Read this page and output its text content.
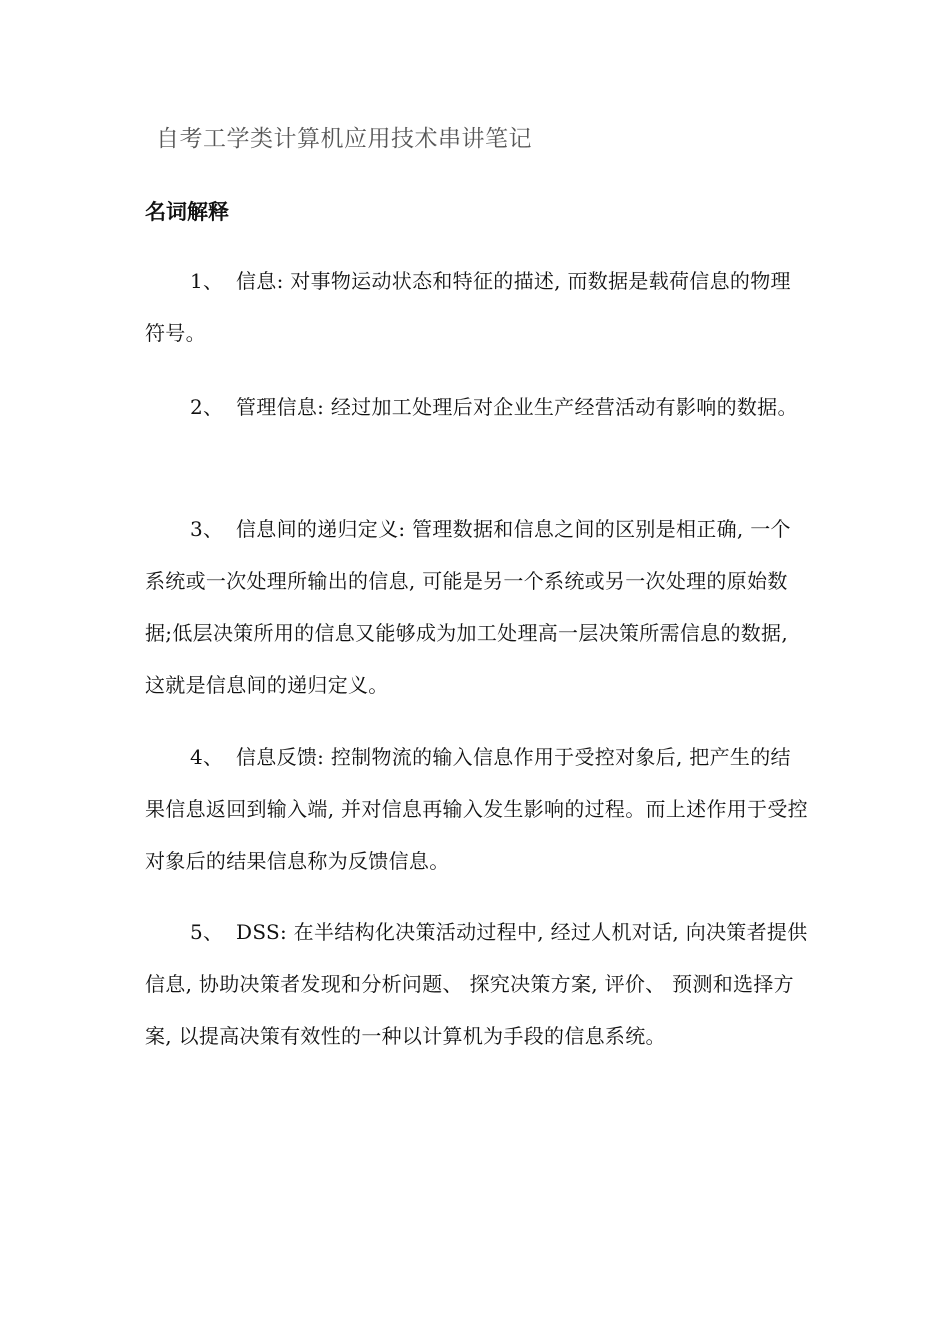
自考工学类计算机应用技术串讲笔记
名词解释

1、 信息: 对事物运动状态和特征的描述, 而数据是载荷信息的物理符号。

2、 管理信息: 经过加工处理后对企业生产经营活动有影响的数据。

3、 信息间的递归定义: 管理数据和信息之间的区别是相正确, 一个系统或一次处理所输出的信息, 可能是另一个系统或另一次处理的原始数据;低层决策所用的信息又能够成为加工处理高一层决策所需信息的数据, 这就是信息间的递归定义。

4、 信息反馈: 控制物流的输入信息作用于受控对象后, 把产生的结果信息返回到输入端, 并对信息再输入发生影响的过程。而上述作用于受控对象后的结果信息称为反馈信息。

5、 DSS: 在半结构化决策活动过程中, 经过人机对话, 向决策者提供信息, 协助决策者发现和分析问题、 探究决策方案, 评价、 预测和选择方案, 以提高决策有效性的一种以计算机为手段的信息系统。
